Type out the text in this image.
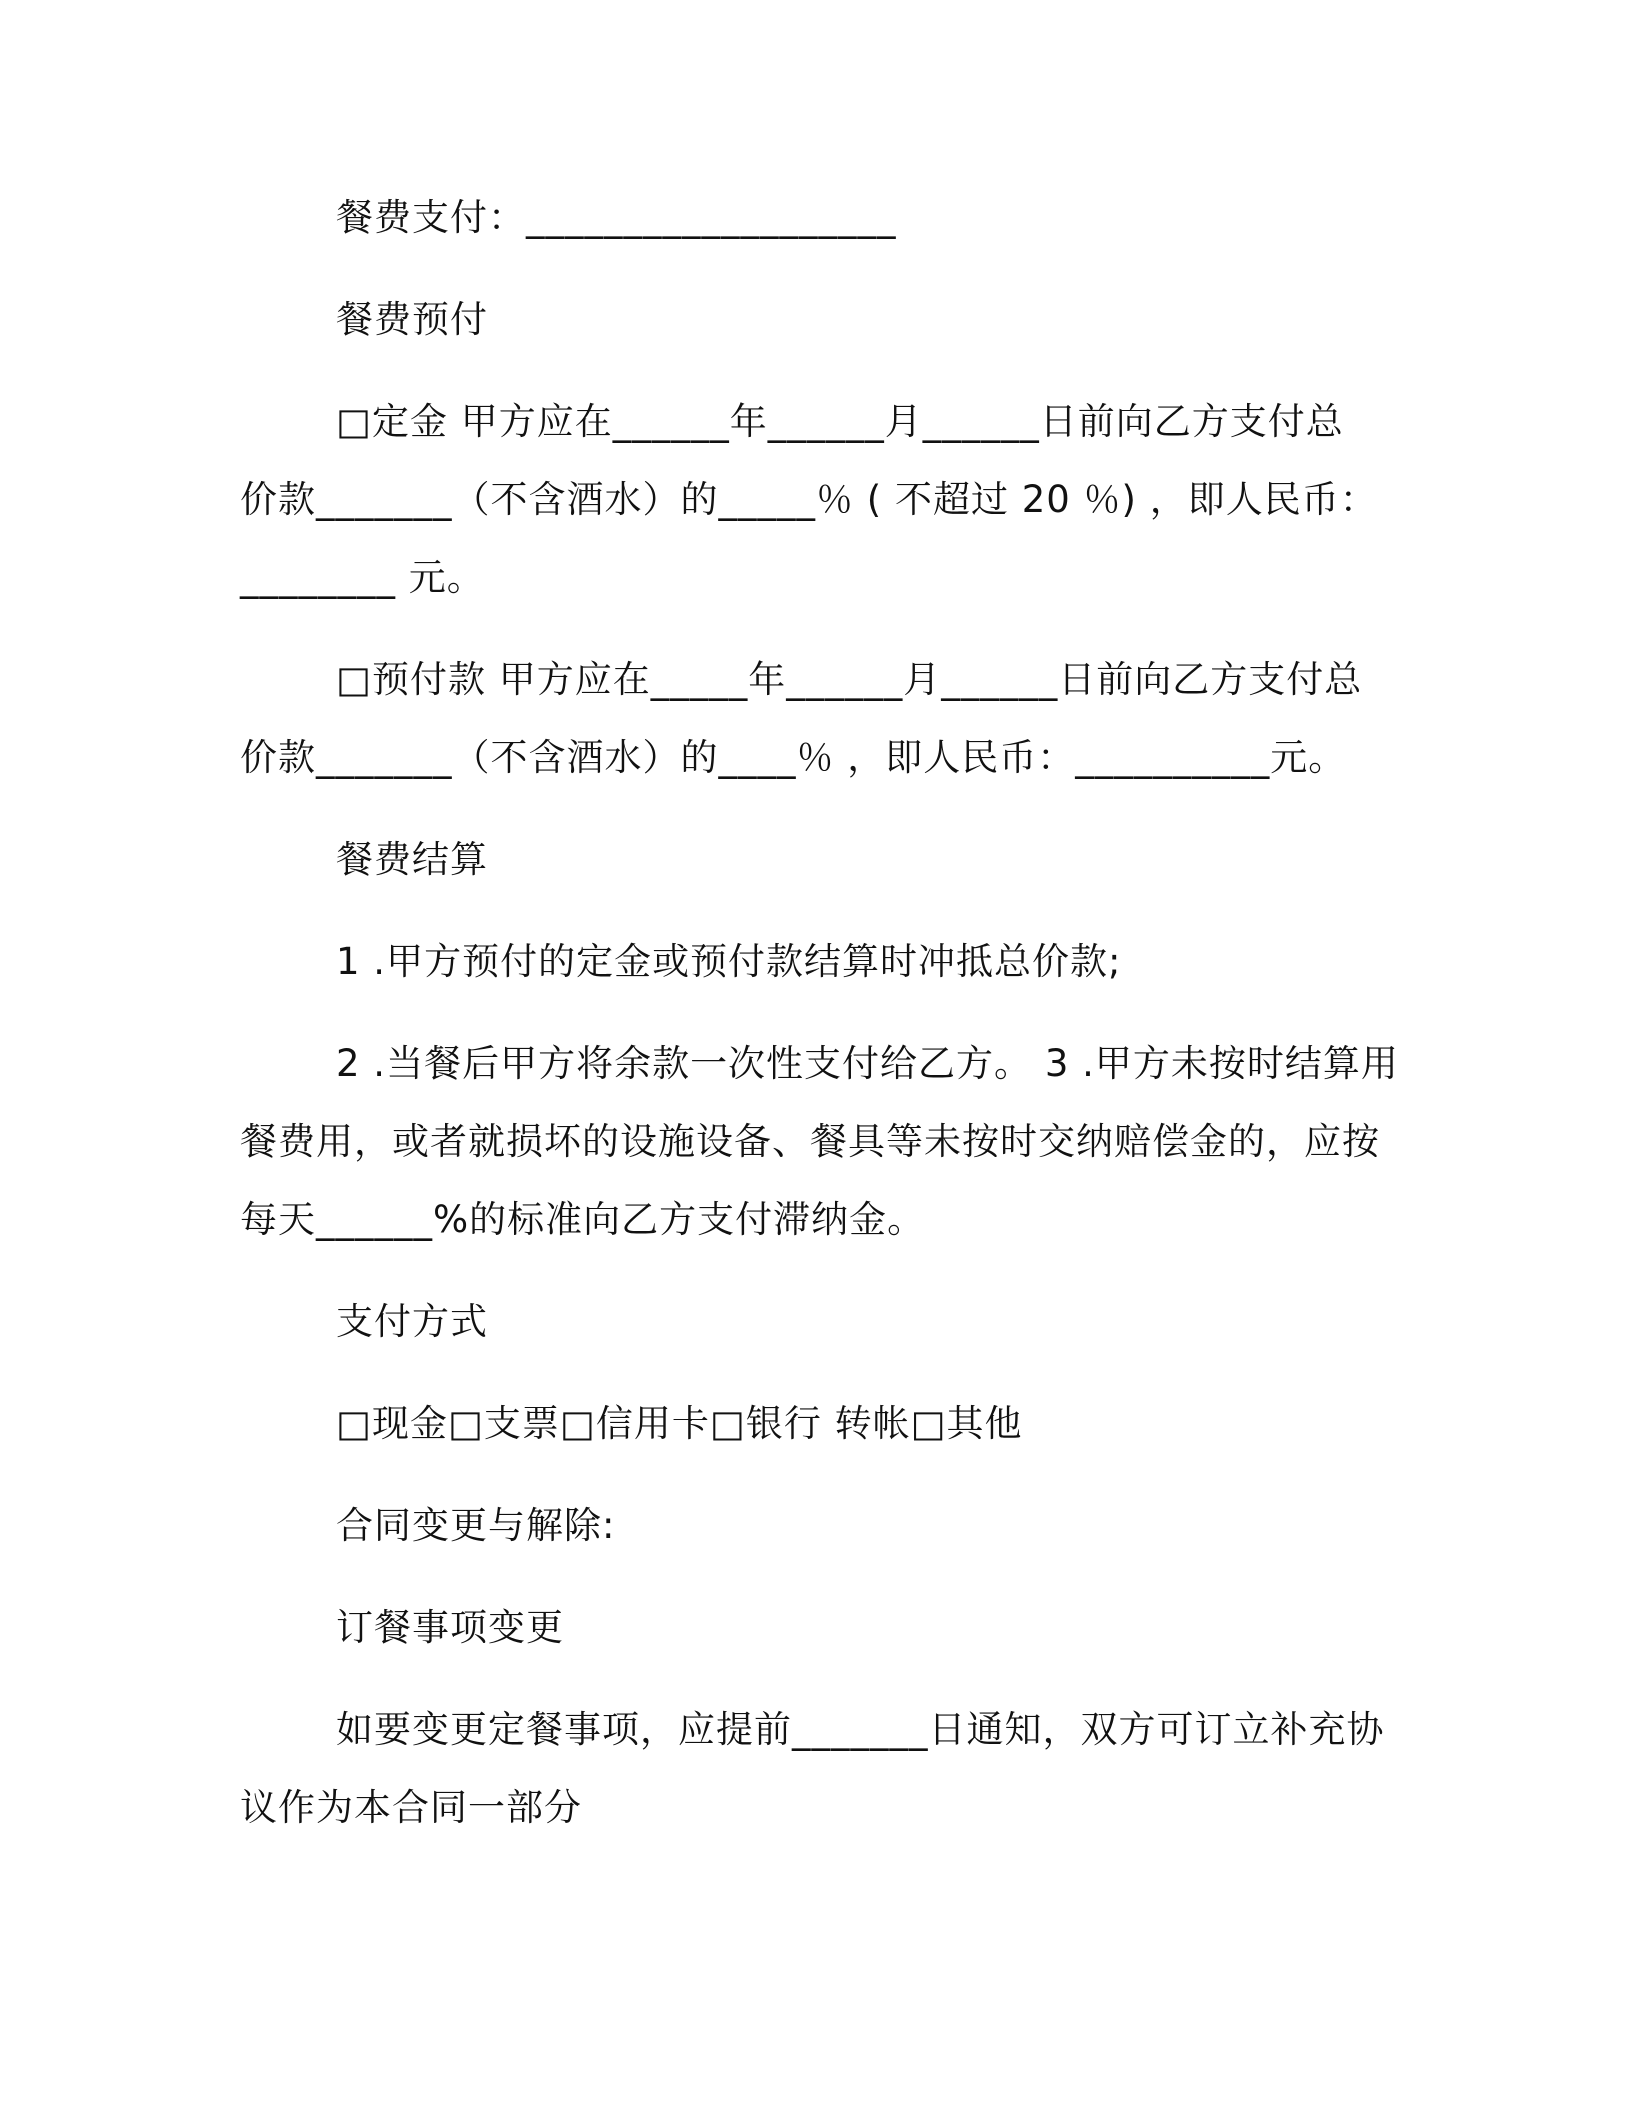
餐费支付：___________________
餐费预付
□定金 甲方应在______年______月______日前向乙方支付总
价款_______（不含酒水）的_____％ ( 不超过 20 ％) ，即人民币：
________ 元。
□预付款 甲方应在_____年______月______日前向乙方支付总
价款_______（不含酒水）的____％ ，即人民币：__________元。
餐费结算
1 .甲方预付的定金或预付款结算时冲抵总价款;
2 .当餐后甲方将余款一次性支付给乙方。 3 .甲方未按时结算用
餐费用，或者就损坏的设施设备、餐具等未按时交纳赔偿金的，应按
每天______%的标准向乙方支付滞纳金。
支付方式
□现金□支票□信用卡□银行 转帐□其他
合同变更与解除:
订餐事项变更
如要变更定餐事项，应提前_______日通知，双方可订立补充协
议作为本合同一部分
